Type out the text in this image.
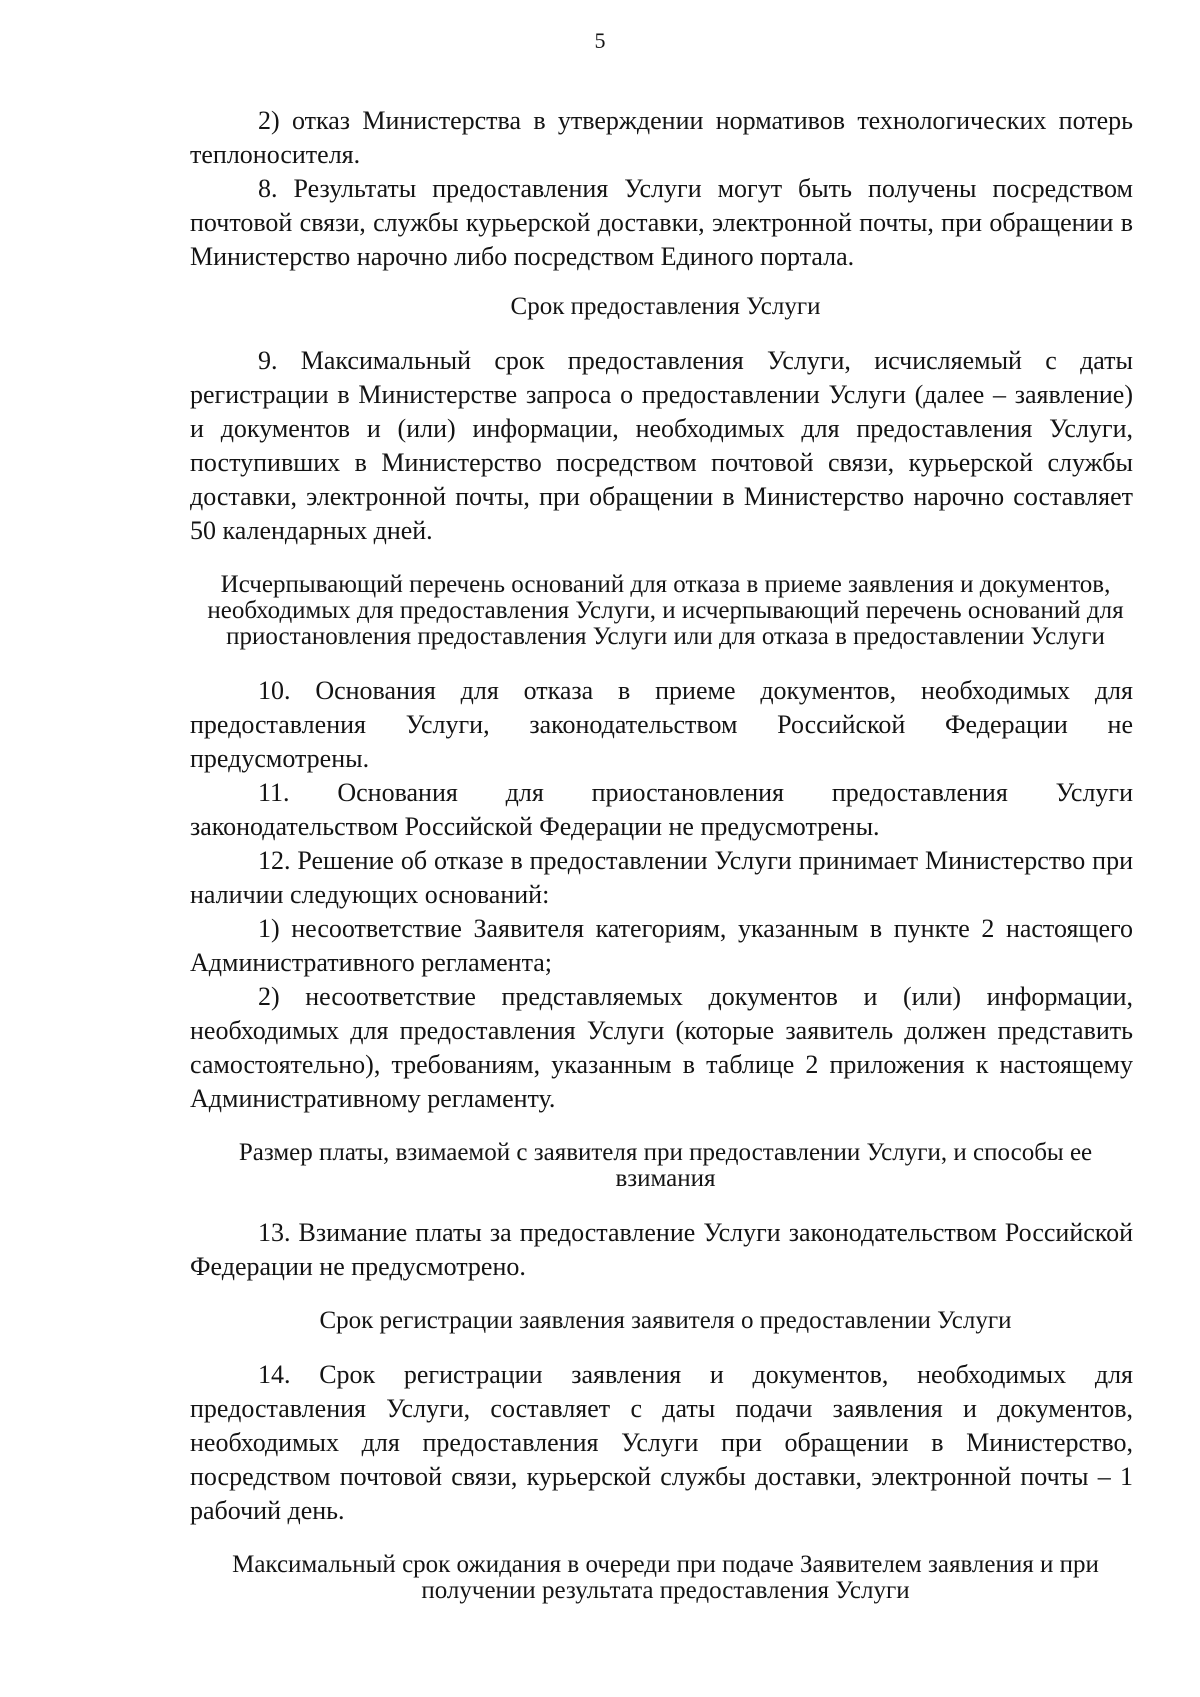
5

2) отказ Министерства в утверждении нормативов технологических потерь теплоносителя.

8. Результаты предоставления Услуги могут быть получены посредством почтовой связи, службы курьерской доставки, электронной почты, при обращении в Министерство нарочно либо посредством Единого портала.

Срок предоставления Услуги

9. Максимальный срок предоставления Услуги, исчисляемый с даты регистрации в Министерстве запроса о предоставлении Услуги (далее – заявление) и документов и (или) информации, необходимых для предоставления Услуги, поступивших в Министерство посредством почтовой связи, курьерской службы доставки, электронной почты, при обращении в Министерство нарочно составляет 50 календарных дней.

Исчерпывающий перечень оснований для отказа в приеме заявления и документов, необходимых для предоставления Услуги, и исчерпывающий перечень оснований для приостановления предоставления Услуги или для отказа в предоставлении Услуги

10. Основания для отказа в приеме документов, необходимых для предоставления Услуги, законодательством Российской Федерации не предусмотрены.

11. Основания для приостановления предоставления Услуги законодательством Российской Федерации не предусмотрены.

12. Решение об отказе в предоставлении Услуги принимает Министерство при наличии следующих оснований:

1) несоответствие Заявителя категориям, указанным в пункте 2 настоящего Административного регламента;

2) несоответствие представляемых документов и (или) информации, необходимых для предоставления Услуги (которые заявитель должен представить самостоятельно), требованиям, указанным в таблице 2 приложения к настоящему Административному регламенту.

Размер платы, взимаемой с заявителя при предоставлении Услуги, и способы ее взимания

13. Взимание платы за предоставление Услуги законодательством Российской Федерации не предусмотрено.

Срок регистрации заявления заявителя о предоставлении Услуги

14. Срок регистрации заявления и документов, необходимых для предоставления Услуги, составляет с даты подачи заявления и документов, необходимых для предоставления Услуги при обращении в Министерство, посредством почтовой связи, курьерской службы доставки, электронной почты – 1 рабочий день.

Максимальный срок ожидания в очереди при подаче Заявителем заявления и при получении результата предоставления Услуги
